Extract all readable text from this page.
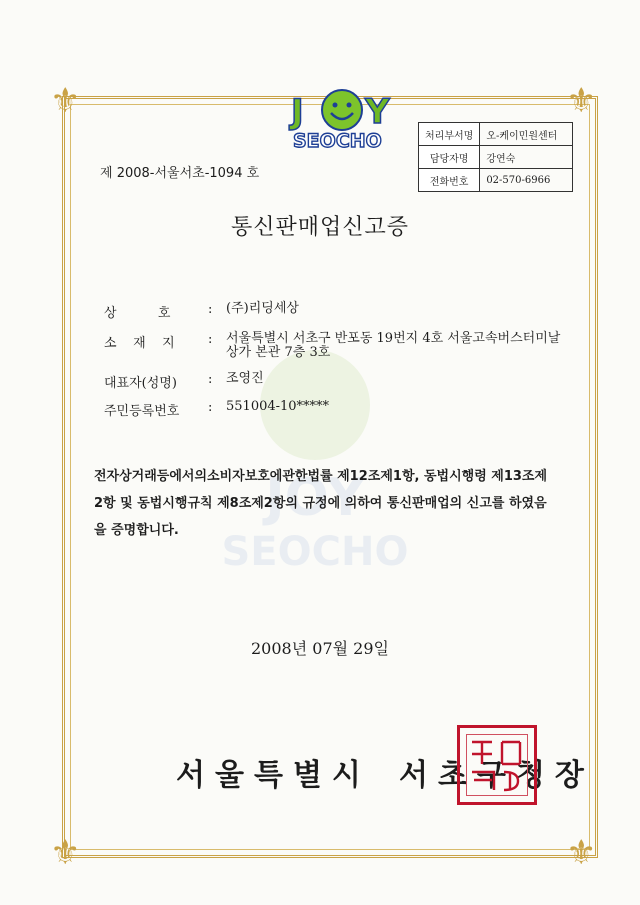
⚜	⚜
⚜	⚜
JOY
SEOCHO
J Y
SEOCHO
제 2008-서울서초-1094 호
처리부서명	오-케이민원센터
담당자명	강연숙
전화번호	02-570-6966
통신판매업신고증
상          호	: (주)리딩세상
소    재    지	: 서울특별시 서초구 반포동 19번지 4호 서울고속버스터미날상가 본관 7층 3호
대표자(성명)	: 조영진
주민등록번호	: 551004-10*****
전자상거래등에서의소비자보호에관한법률 제12조제1항, 동법시행령 제13조제2항 및 동법시행규칙 제8조제2항의 규정에 의하여 통신판매업의 신고를 하였음을 증명합니다.
2008년 07월 29일
서울특별시 서초구청장
